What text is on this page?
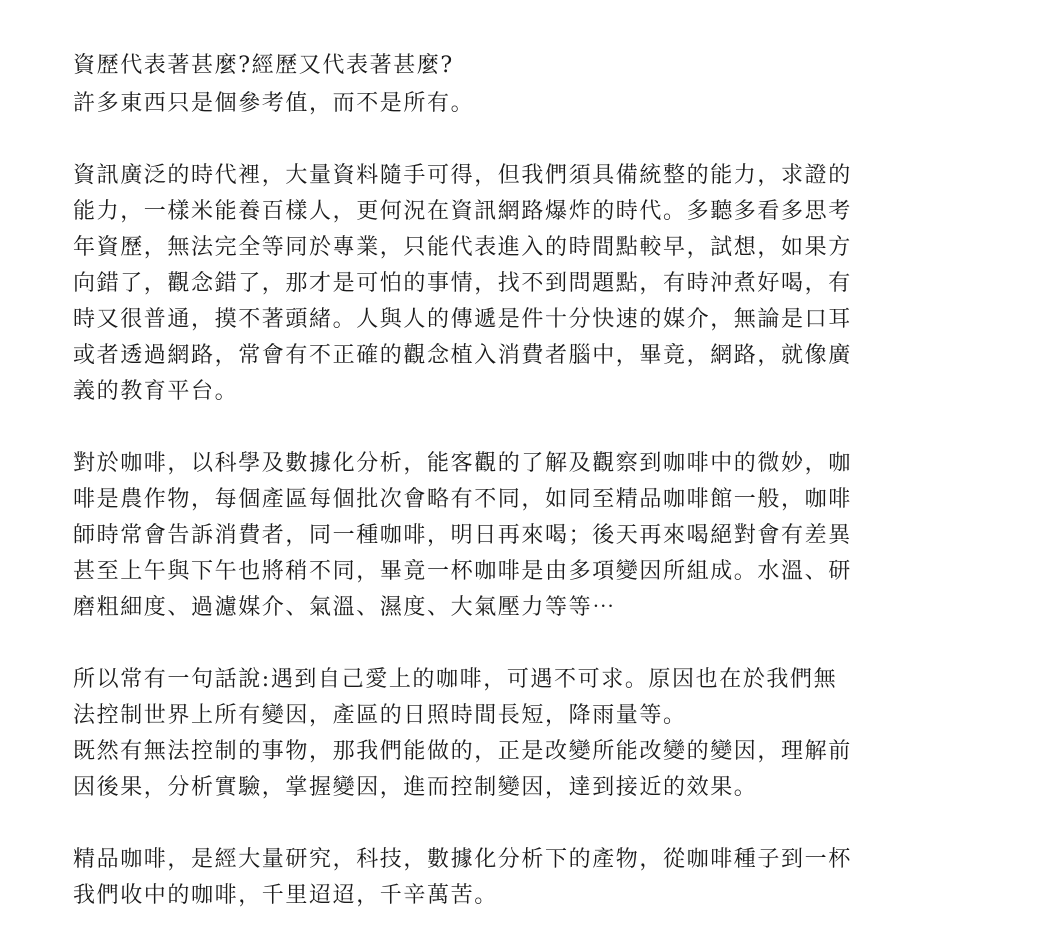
資歷代表著甚麼?經歷又代表著甚麼?
許多東西只是個參考值，而不是所有。
資訊廣泛的時代裡，大量資料隨手可得，但我們須具備統整的能力，求證的
能力，一樣米能養百樣人，更何況在資訊網路爆炸的時代。多聽多看多思考
年資歷，無法完全等同於專業，只能代表進入的時間點較早，試想，如果方
向錯了，觀念錯了，那才是可怕的事情，找不到問題點，有時沖煮好喝，有
時又很普通，摸不著頭緒。人與人的傳遞是件十分快速的媒介，無論是口耳
或者透過網路，常會有不正確的觀念植入消費者腦中，畢竟，網路，就像廣
義的教育平台。
對於咖啡，以科學及數據化分析，能客觀的了解及觀察到咖啡中的微妙，咖
啡是農作物，每個產區每個批次會略有不同，如同至精品咖啡館一般，咖啡
師時常會告訴消費者，同一種咖啡，明日再來喝；後天再來喝絕對會有差異
甚至上午與下午也將稍不同，畢竟一杯咖啡是由多項變因所組成。水溫、研
磨粗細度、過濾媒介、氣溫、濕度、大氣壓力等等⋯
所以常有一句話說:遇到自己愛上的咖啡，可遇不可求。原因也在於我們無
法控制世界上所有變因，產區的日照時間長短，降雨量等。
既然有無法控制的事物，那我們能做的，正是改變所能改變的變因，理解前
因後果，分析實驗，掌握變因，進而控制變因，達到接近的效果。
精品咖啡，是經大量研究，科技，數據化分析下的產物，從咖啡種子到一杯
我們收中的咖啡，千里迢迢，千辛萬苦。
